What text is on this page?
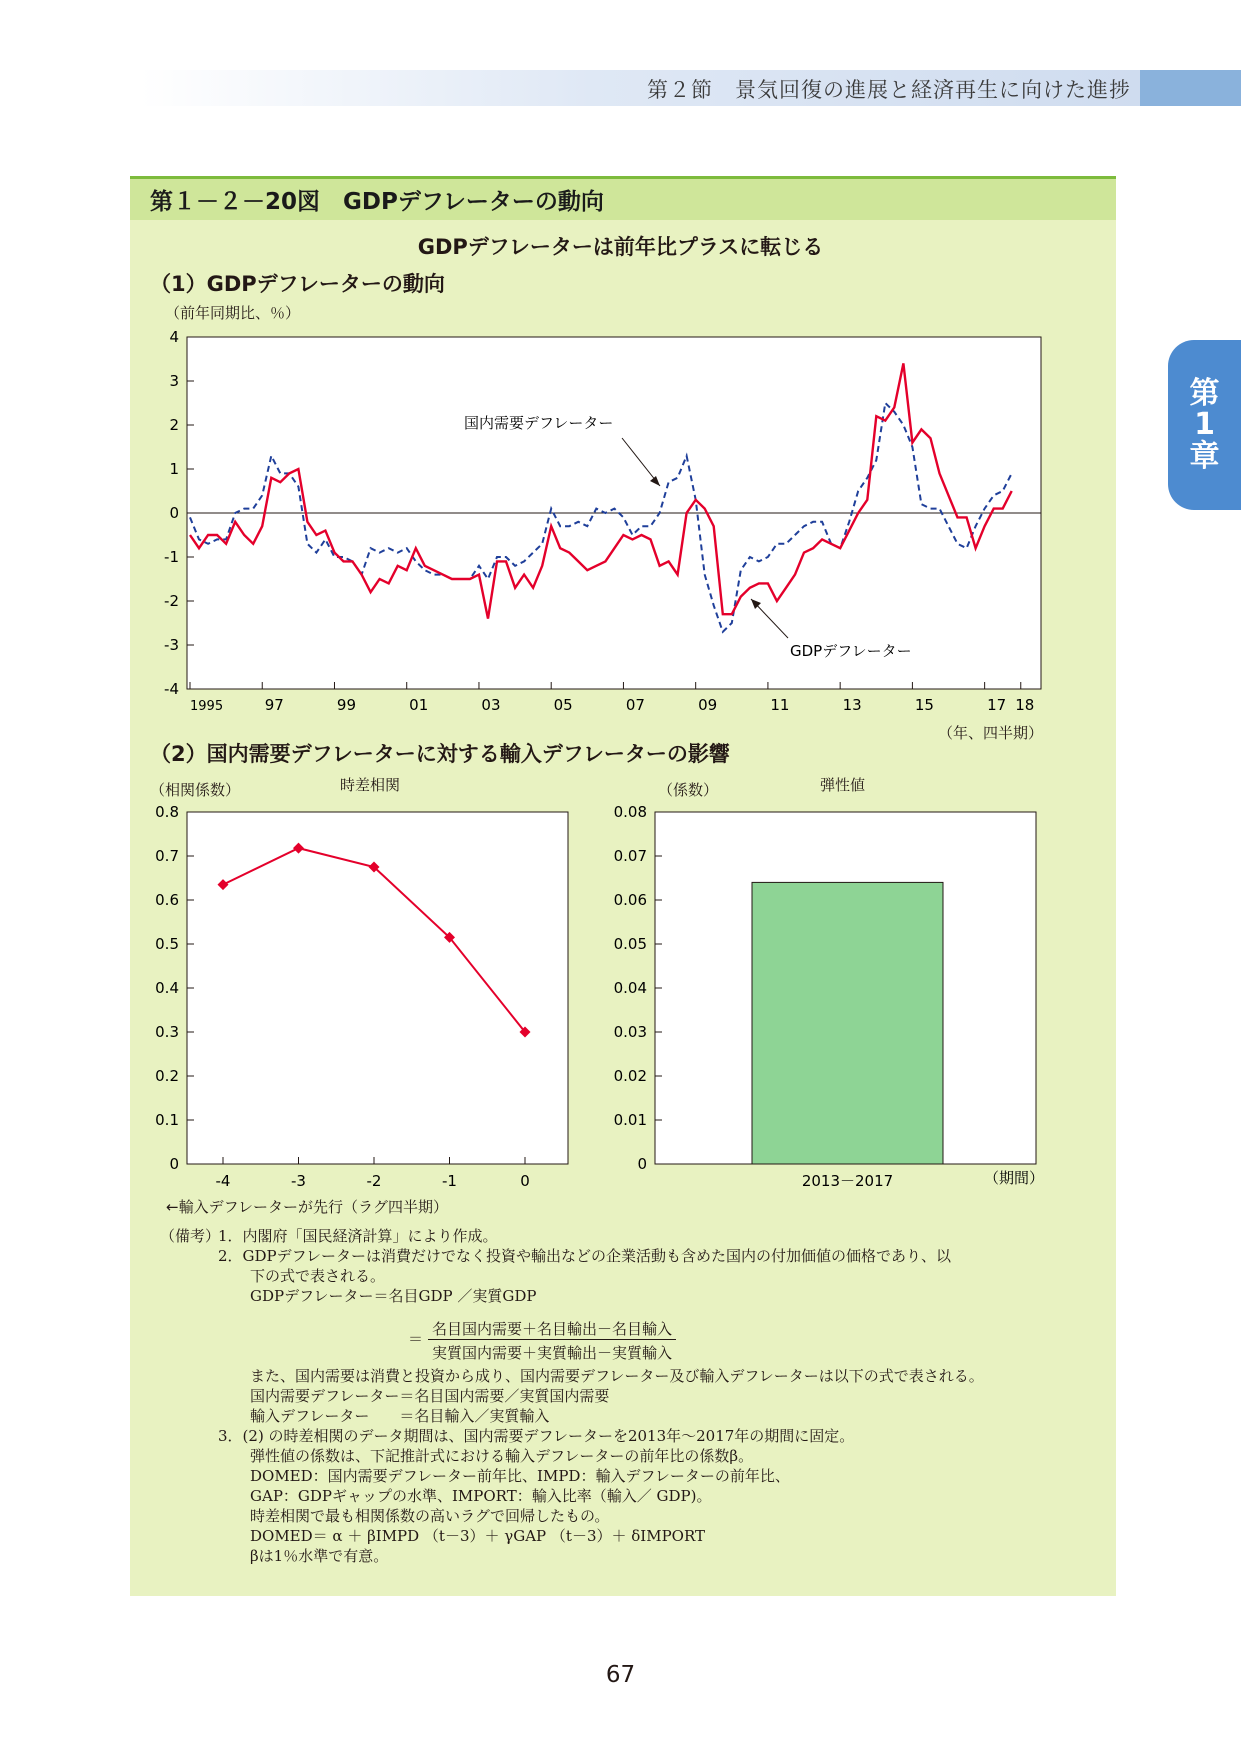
第２節　景気回復の進展と経済再生に向けた進捗
第
1
章
第１－２－20図　GDPデフレーターの動向
GDPデフレーターは前年比プラスに転じる
（1）GDPデフレーターの動向
（前年同期比、％）
4
3
2
1
0
-1
-2
-3
-4
1995	97	99	01	03	05	07	09	11	13	15	17 18
国内需要デフレーター
GDPデフレーター
（年、四半期）
（2）国内需要デフレーターに対する輸入デフレーターの影響
（相関係数）	時差相関	（係数）	弾性値
0.8
0.7
0.6
0.5
0.4
0.3
0.2
0.1
0
-4	-3	-2	-1	0
←輸入デフレーターが先行（ラグ四半期）
0.08
0.07
0.06
0.05
0.04
0.03
0.02
0.01
0
2013－2017	（期間）
（備考）
1．内閣府「国民経済計算」により作成。
2．GDPデフレーターは消費だけでなく投資や輸出などの企業活動も含めた国内の付加価値の価格であり、以
下の式で表される。
GDPデフレーター＝名目GDP ／実質GDP
また、国内需要は消費と投資から成り、国内需要デフレーター及び輸入デフレーターは以下の式で表される。
国内需要デフレーター＝名目国内需要／実質国内需要
輸入デフレーター　　＝名目輸入／実質輸入
3．(2) の時差相関のデータ期間は、国内需要デフレーターを2013年～2017年の期間に固定。
弾性値の係数は、下記推計式における輸入デフレーターの前年比の係数β。
DOMED：国内需要デフレーター前年比、IMPD：輸入デフレーターの前年比、
GAP：GDPギャップの水準、IMPORT：輸入比率（輸入／ GDP)。
時差相関で最も相関係数の高いラグで回帰したもの。
DOMED＝ α ＋ βIMPD （t－3）＋ γGAP （t－3）＋ δIMPORT
βは1％水準で有意。
＝
名目国内需要＋名目輸出－名目輸入
実質国内需要＋実質輸出－実質輸入
67
